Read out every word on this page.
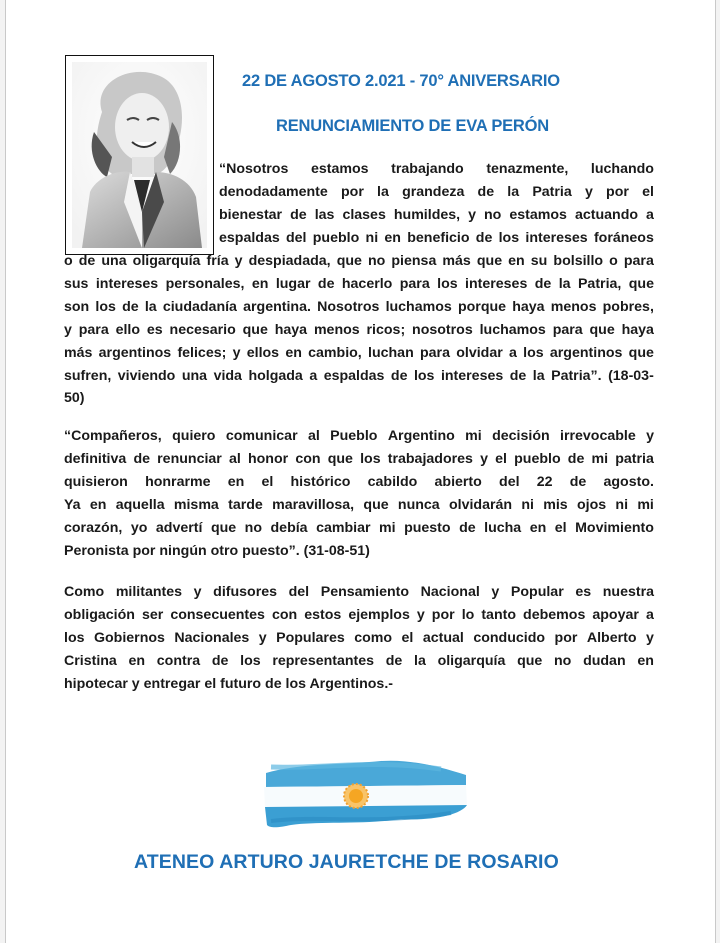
22 DE AGOSTO 2.021 - 70° ANIVERSARIO
RENUNCIAMIENTO DE EVA PERÓN
“Nosotros estamos trabajando tenazmente, luchando
denodadamente por la grandeza de la Patria y por el
bienestar de las clases humildes, y no estamos actuando a
espaldas del pueblo ni en beneficio de los intereses foráneos
o de una oligarquía fría y despiadada, que no piensa más que en su bolsillo o para
sus intereses personales, en lugar de hacerlo para los intereses de la Patria, que
son los de la ciudadanía argentina. Nosotros luchamos porque haya menos pobres,
y para ello es necesario que haya menos ricos; nosotros luchamos para que haya
más argentinos felices; y ellos en cambio, luchan para olvidar a los argentinos que
sufren, viviendo una vida holgada a espaldas de los intereses de la Patria”. (18-03-
50)
“Compañeros, quiero comunicar al Pueblo Argentino mi decisión irrevocable y
definitiva de renunciar al honor con que los trabajadores y el pueblo de mi patria
quisieron honrarme en el histórico cabildo abierto del 22 de agosto.
Ya en aquella misma tarde maravillosa, que nunca olvidarán ni mis ojos ni mi
corazón, yo advertí que no debía cambiar mi puesto de lucha en el Movimiento
Peronista por ningún otro puesto”. (31-08-51)
Como militantes y difusores del Pensamiento Nacional y Popular es nuestra
obligación ser consecuentes con estos ejemplos y por lo tanto debemos apoyar a
los Gobiernos Nacionales y Populares como el actual conducido por Alberto y
Cristina en contra de los representantes de la oligarquía que no dudan en
hipotecar y entregar el futuro de los Argentinos.-
ATENEO ARTURO JAURETCHE DE ROSARIO
